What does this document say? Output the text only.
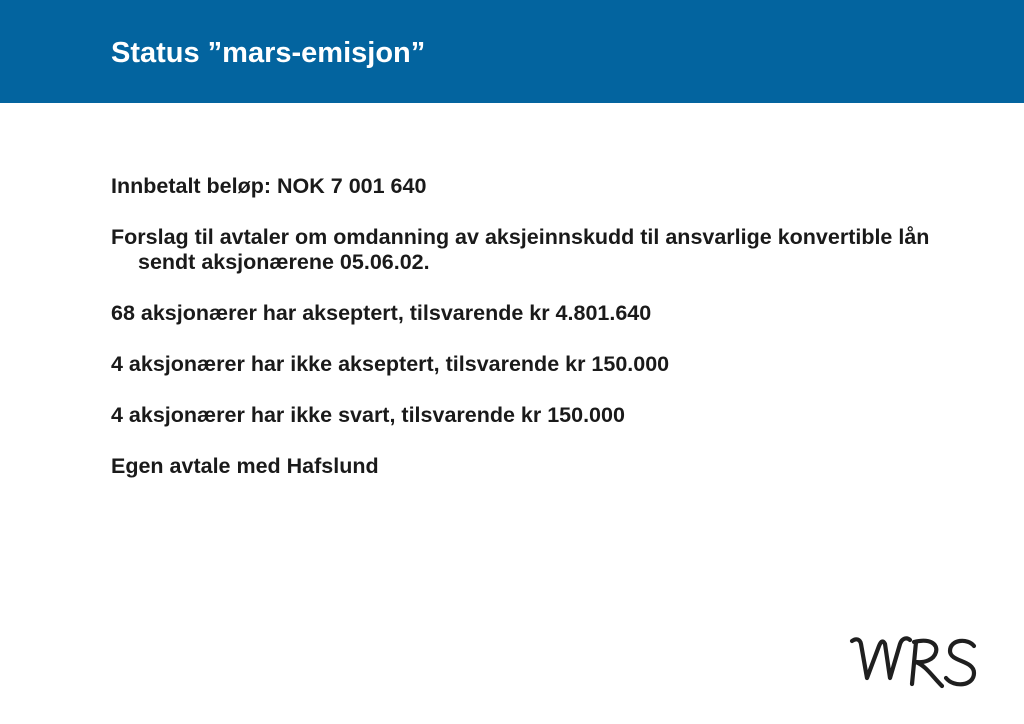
Status ”mars-emisjon”
Innbetalt beløp: NOK 7 001 640
Forslag til avtaler om omdanning av aksjeinnskudd til ansvarlige konvertible lån sendt aksjonærene 05.06.02.
68 aksjonærer har akseptert, tilsvarende kr 4.801.640
4 aksjonærer har ikke akseptert, tilsvarende kr 150.000
4 aksjonærer har ikke svart, tilsvarende kr 150.000
Egen avtale med Hafslund
